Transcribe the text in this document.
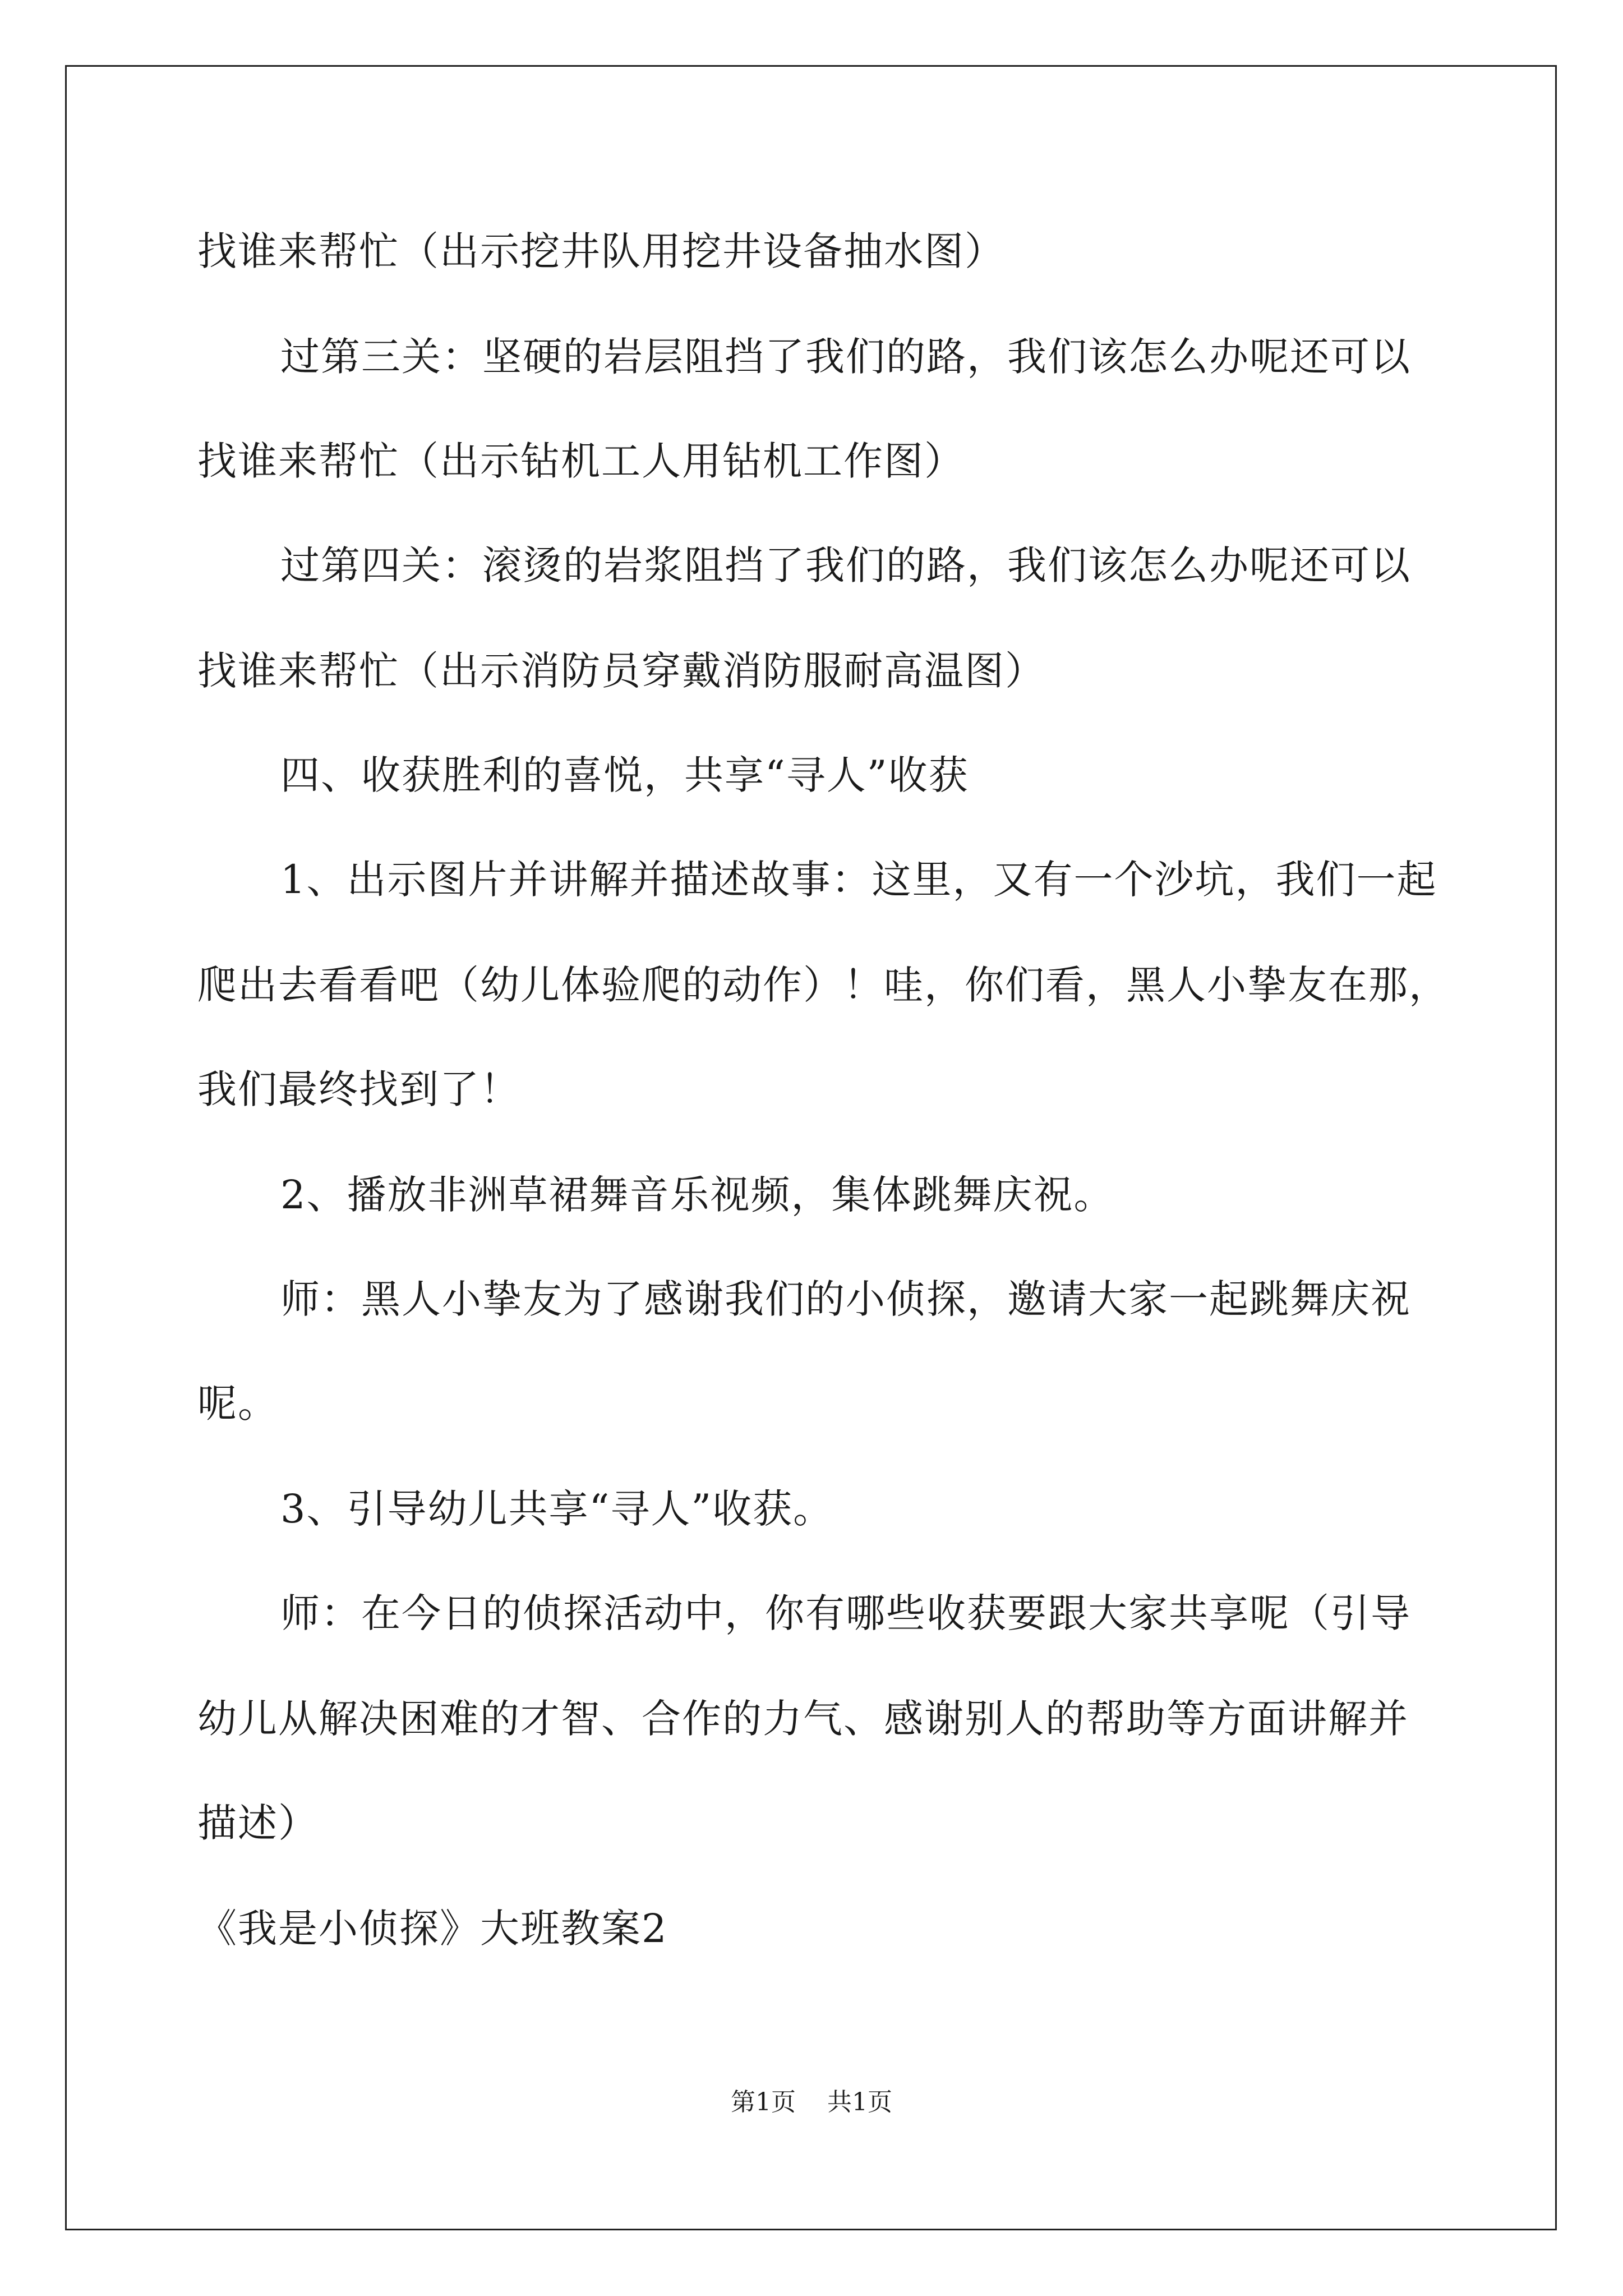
找谁来帮忙（出示挖井队用挖井设备抽水图）
过第三关：坚硬的岩层阻挡了我们的路，我们该怎么办呢还可以
找谁来帮忙（出示钻机工人用钻机工作图）
过第四关：滚烫的岩浆阻挡了我们的路，我们该怎么办呢还可以
找谁来帮忙（出示消防员穿戴消防服耐高温图）
四、收获胜利的喜悦，共享“寻人”收获
1、出示图片并讲解并描述故事：这里，又有一个沙坑，我们一起
爬出去看看吧（幼儿体验爬的动作）！哇，你们看，黑人小挚友在那，
我们最终找到了！
2、播放非洲草裙舞音乐视频，集体跳舞庆祝。
师：黑人小挚友为了感谢我们的小侦探，邀请大家一起跳舞庆祝
呢。
3、引导幼儿共享“寻人”收获。
师：在今日的侦探活动中，你有哪些收获要跟大家共享呢（引导
幼儿从解决困难的才智、合作的力气、感谢别人的帮助等方面讲解并
描述）
《我是小侦探》大班教案2
第1页 共1页
